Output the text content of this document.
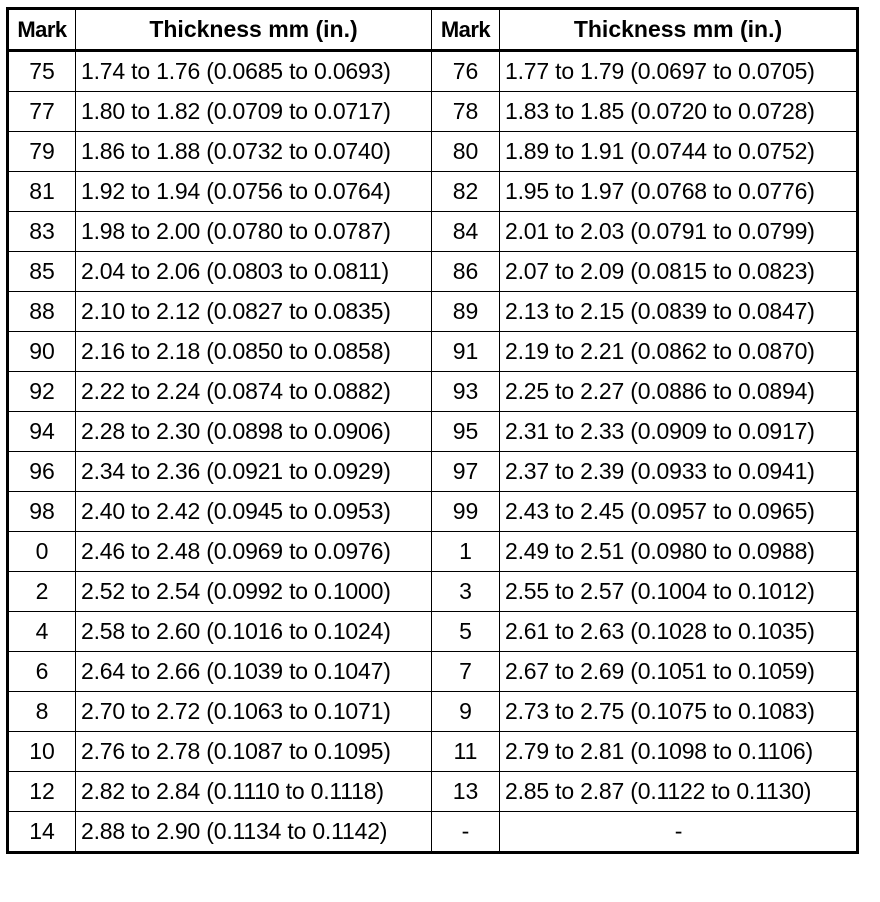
Mark	Thickness mm (in.)	Mark	Thickness mm (in.)
75	1.74 to 1.76 (0.0685 to 0.0693)	76	1.77 to 1.79 (0.0697 to 0.0705)
77	1.80 to 1.82 (0.0709 to 0.0717)	78	1.83 to 1.85 (0.0720 to 0.0728)
79	1.86 to 1.88 (0.0732 to 0.0740)	80	1.89 to 1.91 (0.0744 to 0.0752)
81	1.92 to 1.94 (0.0756 to 0.0764)	82	1.95 to 1.97 (0.0768 to 0.0776)
83	1.98 to 2.00 (0.0780 to 0.0787)	84	2.01 to 2.03 (0.0791 to 0.0799)
85	2.04 to 2.06 (0.0803 to 0.0811)	86	2.07 to 2.09 (0.0815 to 0.0823)
88	2.10 to 2.12 (0.0827 to 0.0835)	89	2.13 to 2.15 (0.0839 to 0.0847)
90	2.16 to 2.18 (0.0850 to 0.0858)	91	2.19 to 2.21 (0.0862 to 0.0870)
92	2.22 to 2.24 (0.0874 to 0.0882)	93	2.25 to 2.27 (0.0886 to 0.0894)
94	2.28 to 2.30 (0.0898 to 0.0906)	95	2.31 to 2.33 (0.0909 to 0.0917)
96	2.34 to 2.36 (0.0921 to 0.0929)	97	2.37 to 2.39 (0.0933 to 0.0941)
98	2.40 to 2.42 (0.0945 to 0.0953)	99	2.43 to 2.45 (0.0957 to 0.0965)
0	2.46 to 2.48 (0.0969 to 0.0976)	1	2.49 to 2.51 (0.0980 to 0.0988)
2	2.52 to 2.54 (0.0992 to 0.1000)	3	2.55 to 2.57 (0.1004 to 0.1012)
4	2.58 to 2.60 (0.1016 to 0.1024)	5	2.61 to 2.63 (0.1028 to 0.1035)
6	2.64 to 2.66 (0.1039 to 0.1047)	7	2.67 to 2.69 (0.1051 to 0.1059)
8	2.70 to 2.72 (0.1063 to 0.1071)	9	2.73 to 2.75 (0.1075 to 0.1083)
10	2.76 to 2.78 (0.1087 to 0.1095)	11	2.79 to 2.81 (0.1098 to 0.1106)
12	2.82 to 2.84 (0.1110 to 0.1118)	13	2.85 to 2.87 (0.1122 to 0.1130)
14	2.88 to 2.90 (0.1134 to 0.1142)	-	-
